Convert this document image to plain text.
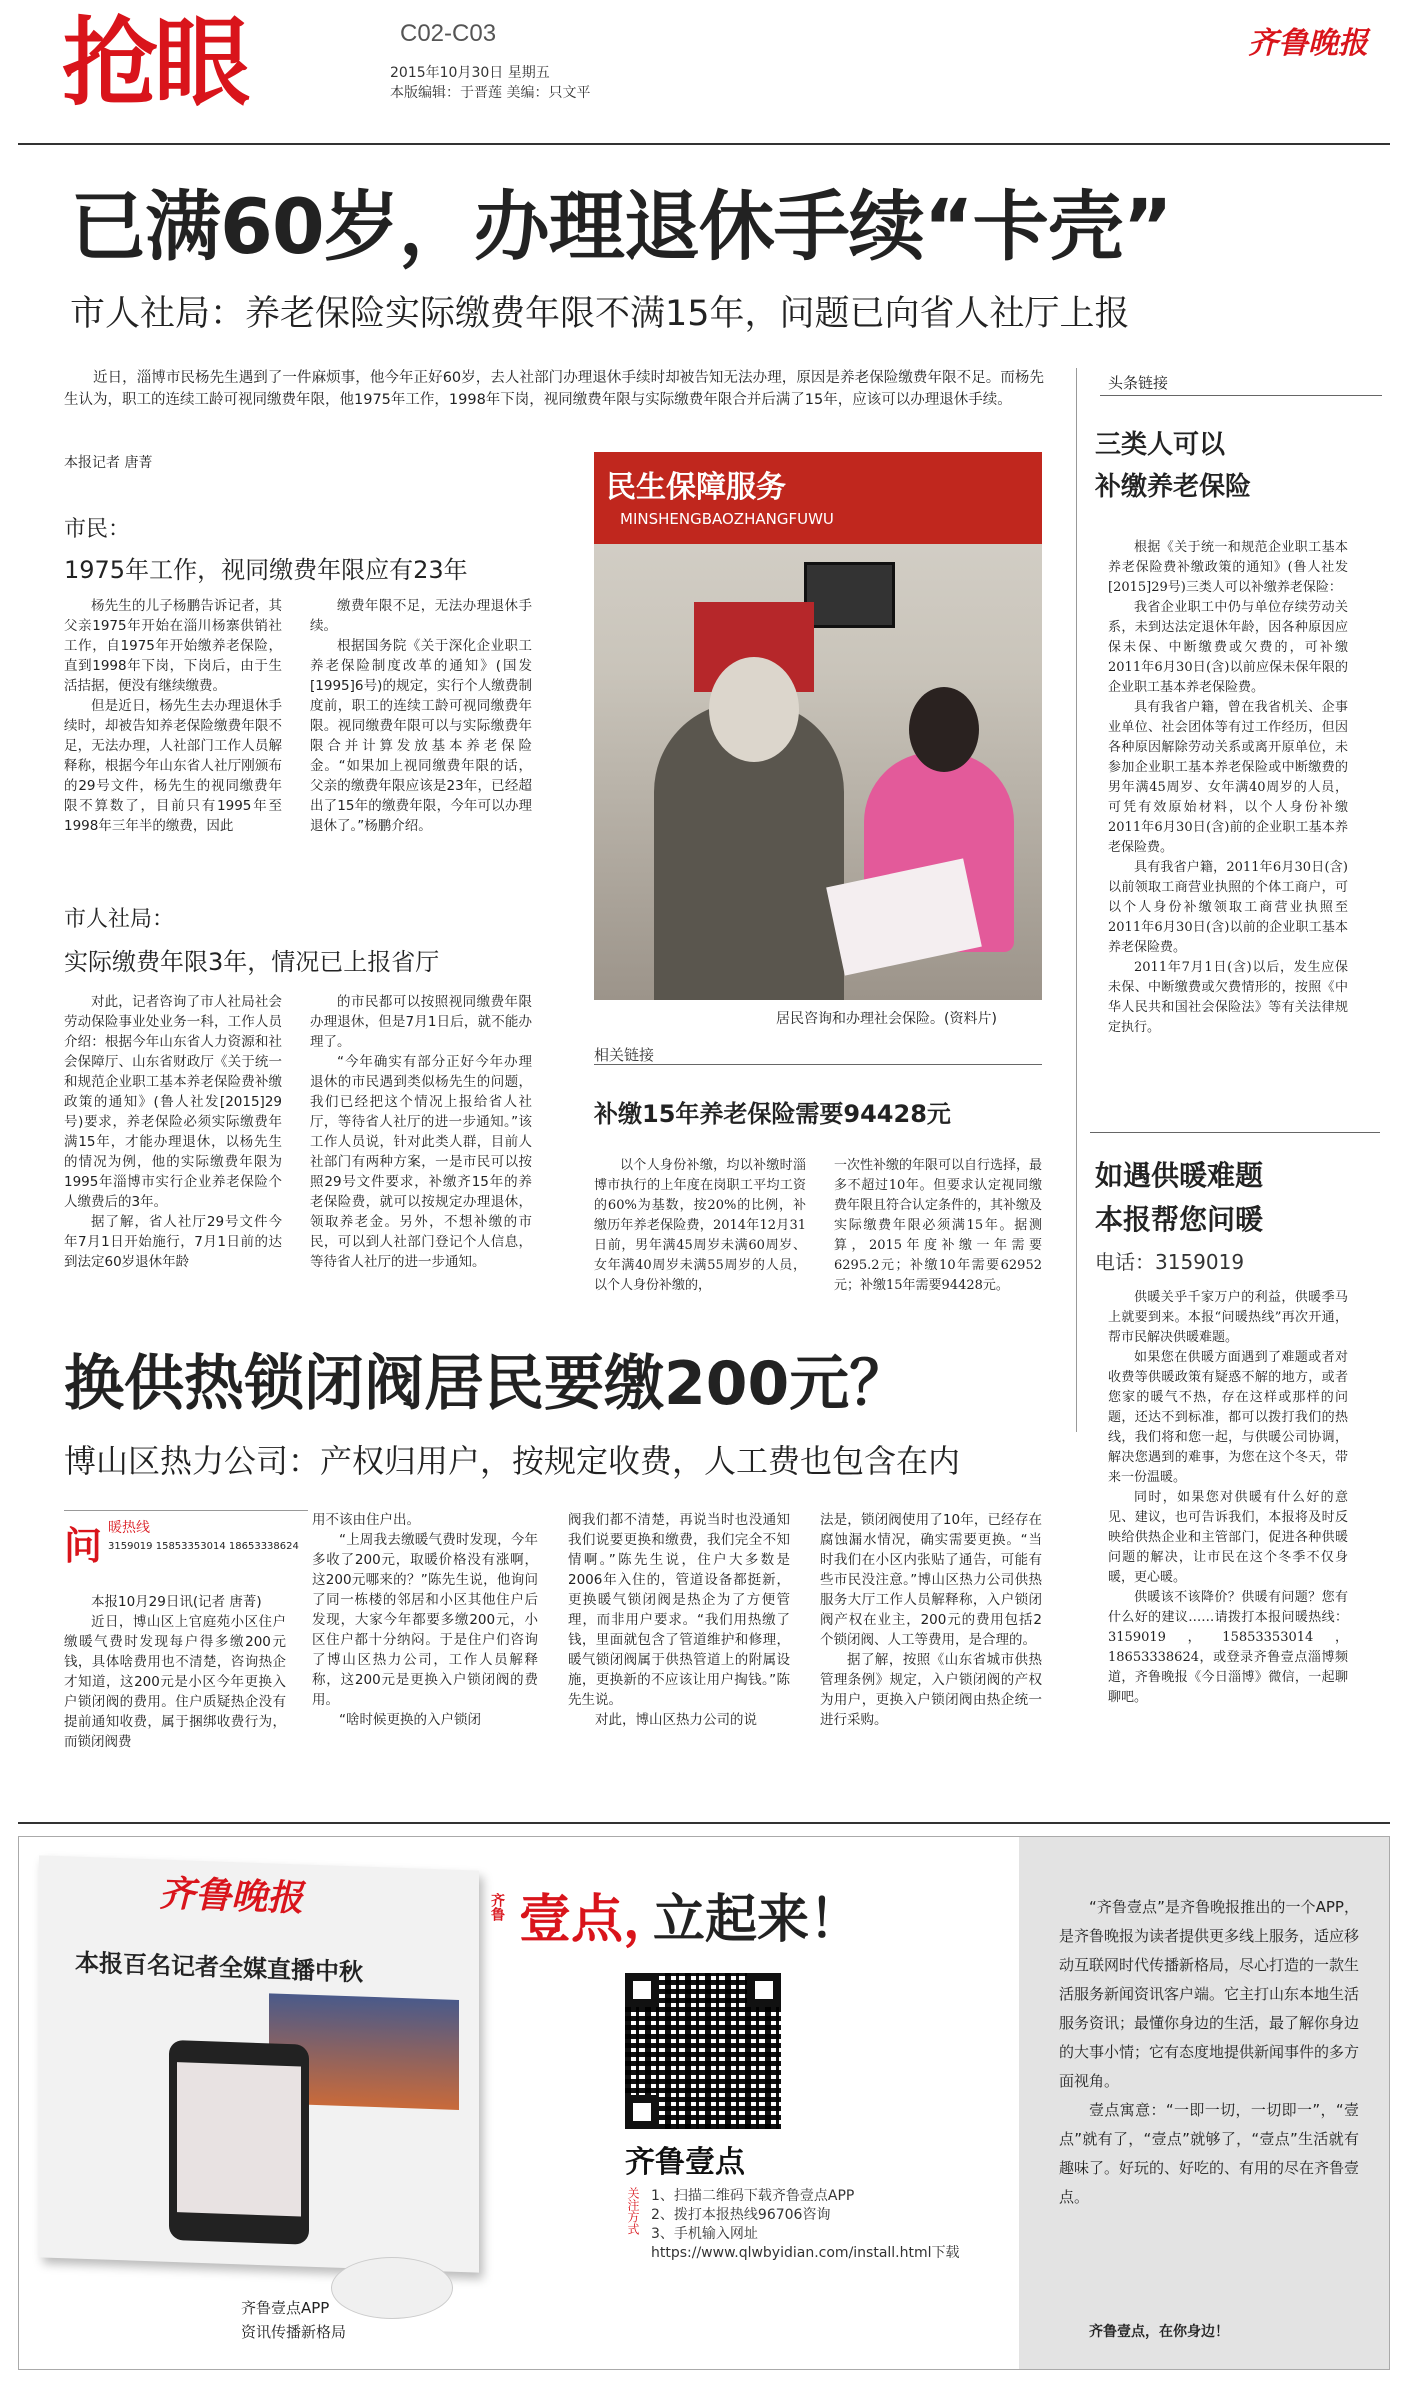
抢眼	C02-C03
2015年10月30日 星期五
本版编辑：于晋莲 美编：只文平
齐鲁晚报
已满60岁，办理退休手续“卡壳”
市人社局：养老保险实际缴费年限不满15年，问题已向省人社厅上报
近日，淄博市民杨先生遇到了一件麻烦事，他今年正好60岁，去人社部门办理退休手续时却被告知无法办理，原因是养老保险缴费年限不足。而杨先生认为，职工的连续工龄可视同缴费年限，他1975年工作，1998年下岗，视同缴费年限与实际缴费年限合并后满了15年，应该可以办理退休手续。
本报记者 唐菁
市民：
1975年工作，视同缴费年限应有23年

杨先生的儿子杨鹏告诉记者，其父亲1975年开始在淄川杨寨供销社工作，自1975年开始缴养老保险，直到1998年下岗，下岗后，由于生活拮据，便没有继续缴费。

但是近日，杨先生去办理退休手续时，却被告知养老保险缴费年限不足，无法办理，人社部门工作人员解释称，根据今年山东省人社厅刚颁布的29号文件，杨先生的视同缴费年限不算数了，目前只有1995年至1998年三年半的缴费，因此

缴费年限不足，无法办理退休手续。

根据国务院《关于深化企业职工养老保险制度改革的通知》(国发[1995]6号)的规定，实行个人缴费制度前，职工的连续工龄可视同缴费年限。视同缴费年限可以与实际缴费年限合并计算发放基本养老保险金。“如果加上视同缴费年限的话，父亲的缴费年限应该是23年，已经超出了15年的缴费年限，今年可以办理退休了。”杨鹏介绍。

市人社局：
实际缴费年限3年，情况已上报省厅

对此，记者咨询了市人社局社会劳动保险事业处业务一科，工作人员介绍：根据今年山东省人力资源和社会保障厅、山东省财政厅《关于统一和规范企业职工基本养老保险费补缴政策的通知》(鲁人社发[2015]29号)要求，养老保险必须实际缴费年满15年，才能办理退休，以杨先生的情况为例，他的实际缴费年限为1995年淄博市实行企业养老保险个人缴费后的3年。

据了解，省人社厅29号文件今年7月1日开始施行，7月1日前的达到法定60岁退休年龄

的市民都可以按照视同缴费年限办理退休，但是7月1日后，就不能办理了。

“今年确实有部分正好今年办理退休的市民遇到类似杨先生的问题，我们已经把这个情况上报给省人社厅，等待省人社厅的进一步通知。”该工作人员说，针对此类人群，目前人社部门有两种方案，一是市民可以按照29号文件要求，补缴齐15年的养老保险费，就可以按规定办理退休，领取养老金。另外，不想补缴的市民，可以到人社部门登记个人信息，等待省人社厅的进一步通知。

民生保障服务
MINSHENGBAOZHANGFUWU
居民咨询和办理社会保险。(资料片)
相关链接
补缴15年养老保险需要94428元
以个人身份补缴，均以补缴时淄博市执行的上年度在岗职工平均工资的60%为基数，按20%的比例，补缴历年养老保险费，2014年12月31日前，男年满45周岁未满60周岁、女年满40周岁未满55周岁的人员，以个人身份补缴的，
一次性补缴的年限可以自行选择，最多不超过10年。但要求认定视同缴费年限且符合认定条件的，其补缴及实际缴费年限必须满15年。据测算，2015年度补缴一年需要6295.2元；补缴10年需要62952元；补缴15年需要94428元。
头条链接
三类人可以
补缴养老保险

根据《关于统一和规范企业职工基本养老保险费补缴政策的通知》(鲁人社发[2015]29号)三类人可以补缴养老保险：

我省企业职工中仍与单位存续劳动关系，未到达法定退休年龄，因各种原因应保未保、中断缴费或欠费的，可补缴2011年6月30日(含)以前应保未保年限的企业职工基本养老保险费。

具有我省户籍，曾在我省机关、企事业单位、社会团体等有过工作经历，但因各种原因解除劳动关系或离开原单位，未参加企业职工基本养老保险或中断缴费的男年满45周岁、女年满40周岁的人员，可凭有效原始材料，以个人身份补缴2011年6月30日(含)前的企业职工基本养老保险费。

具有我省户籍，2011年6月30日(含)以前领取工商营业执照的个体工商户，可以个人身份补缴领取工商营业执照至2011年6月30日(含)以前的企业职工基本养老保险费。

2011年7月1日(含)以后，发生应保未保、中断缴费或欠费情形的，按照《中华人民共和国社会保险法》等有关法律规定执行。

如遇供暖难题
本报帮您问暖
电话：3159019

供暖关乎千家万户的利益，供暖季马上就要到来。本报“问暖热线”再次开通，帮市民解决供暖难题。

如果您在供暖方面遇到了难题或者对收费等供暖政策有疑惑不解的地方，或者您家的暖气不热，存在这样或那样的问题，还达不到标准，都可以拨打我们的热线，我们将和您一起，与供暖公司协调，解决您遇到的难事，为您在这个冬天，带来一份温暖。

同时，如果您对供暖有什么好的意见、建议，也可告诉我们，本报将及时反映给供热企业和主管部门，促进各种供暖问题的解决，让市民在这个冬季不仅身暖，更心暖。

供暖该不该降价？供暖有问题？您有什么好的建议……请拨打本报问暖热线：3159019，15853353014，18653338624，或登录齐鲁壹点淄博频道，齐鲁晚报《今日淄博》微信，一起聊聊吧。

换供热锁闭阀居民要缴200元？
博山区热力公司：产权归用户，按规定收费，人工费也包含在内
问 暖热线
3159019 15853353014 18653338624

本报10月29日讯(记者 唐菁)

近日，博山区上官庭苑小区住户缴暖气费时发现每户得多缴200元钱，具体啥费用也不清楚，咨询热企才知道，这200元是小区今年更换入户锁闭阀的费用。住户质疑热企没有提前通知收费，属于捆绑收费行为，而锁闭阀费

用不该由住户出。

“上周我去缴暖气费时发现，今年多收了200元，取暖价格没有涨啊，这200元哪来的？”陈先生说，他询问了同一栋楼的邻居和小区其他住户后发现，大家今年都要多缴200元，小区住户都十分纳闷。于是住户们咨询了博山区热力公司，工作人员解释称，这200元是更换入户锁闭阀的费用。

“啥时候更换的入户锁闭

阀我们都不清楚，再说当时也没通知我们说要更换和缴费，我们完全不知情啊。”陈先生说，住户大多数是2006年入住的，管道设备都挺新，更换暖气锁闭阀是热企为了方便管理，而非用户要求。“我们用热缴了钱，里面就包含了管道维护和修理，暖气锁闭阀属于供热管道上的附属设施，更换新的不应该让用户掏钱。”陈先生说。

对此，博山区热力公司的说

法是，锁闭阀使用了10年，已经存在腐蚀漏水情况，确实需要更换。“当时我们在小区内张贴了通告，可能有些市民没注意。”博山区热力公司供热服务大厅工作人员解释称，入户锁闭阀产权在业主，200元的费用包括2个锁闭阀、人工等费用，是合理的。

据了解，按照《山东省城市供热管理条例》规定，入户锁闭阀的产权为用户，更换入户锁闭阀由热企统一进行采购。

齐鲁晚报
本报百名记者全媒直播中秋
齐鲁壹点APP
资讯传播新格局
齐鲁 壹点，
立起来！
齐鲁壹点
关注方式 1、扫描二维码下载齐鲁壹点APP
2、拨打本报热线96706咨询
3、手机输入网址
https://www.qlwbyidian.com/install.html下载

“齐鲁壹点”是齐鲁晚报推出的一个APP，是齐鲁晚报为读者提供更多线上服务，适应移动互联网时代传播新格局，尽心打造的一款生活服务新闻资讯客户端。它主打山东本地生活服务资讯；最懂你身边的生活，最了解你身边的大事小情；它有态度地提供新闻事件的多方面视角。

壹点寓意：“一即一切，一切即一”，“壹点”就有了，“壹点”就够了，“壹点”生活就有趣味了。好玩的、好吃的、有用的尽在齐鲁壹点。

齐鲁壹点，在你身边！
